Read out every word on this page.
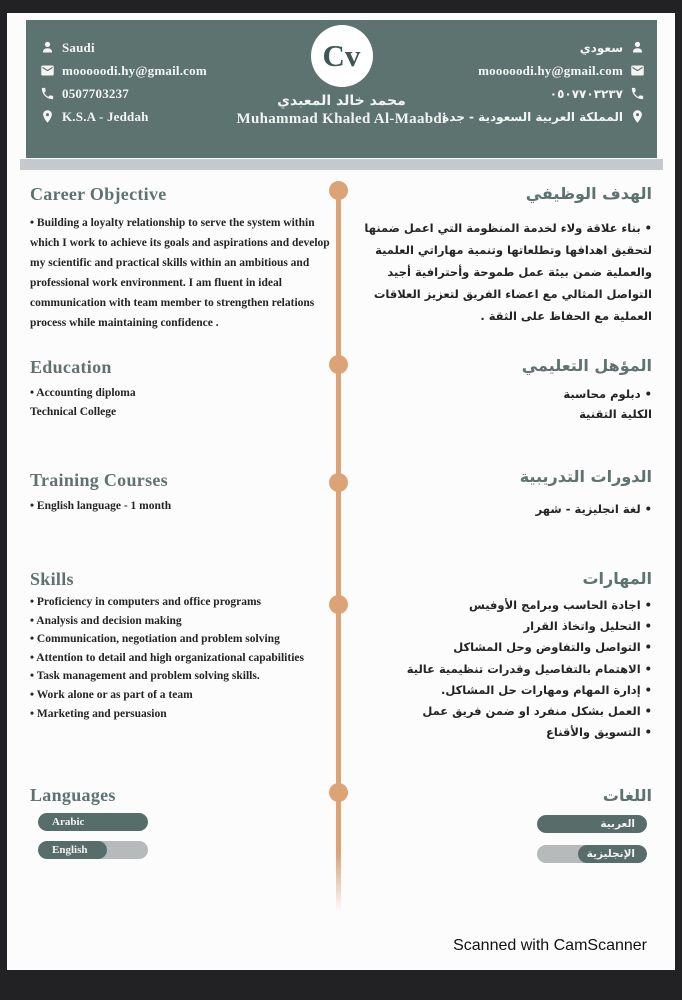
Saudi
mooooodi.hy@gmail.com
0507703237
K.S.A - Jeddah
Cv
محمد خالد المعبدي
Muhammad Khaled Al-Maabdi
سعودي
mooooodi.hy@gmail.com
٠٥٠٧٧٠٣٢٣٧
المملكة العربية السعودية - جدة
Career Objective
• Building a loyalty relationship to serve the system within which I work to achieve its goals and aspirations and develop my scientific and practical skills within an ambitious and professional work environment. I am fluent in ideal communication with team member to strengthen relations process while maintaining confidence .
Education
• Accounting diploma
Technical College
Training Courses
• English language - 1 month
Skills
• Proficiency in computers and office programs
• Analysis and decision making
• Communication, negotiation and problem solving
• Attention to detail and high organizational capabilities
• Task management and problem solving skills.
• Work alone or as part of a team
• Marketing and persuasion
Languages
Arabic
English
الهدف الوظيفي
• بناء علاقة ولاء لخدمة المنظومة التي اعمل ضمنها لتحقيق اهدافها وتطلعاتها وتنمية مهاراتي العلمية والعملية ضمن بيئة عمل طموحة وأحترافية أجيد التواصل المثالي مع اعضاء الفريق لتعزيز العلاقات العملية مع الحفاظ على الثقة .
المؤهل التعليمي
• دبلوم محاسبة
الكلية التقنية
الدورات التدريبية
• لغة انجليزية - شهر
المهارات
• اجادة الحاسب وبرامج الأوفيس
• التحليل واتخاذ القرار
• التواصل والتفاوض وحل المشاكل
• الاهتمام بالتفاصيل وقدرات تنظيمية عالية
• إدارة المهام ومهارات حل المشاكل.
• العمل بشكل منفرد او ضمن فريق عمل
• التسويق والأقناع
اللغات
العربية
الإنجليزية
Scanned with CamScanner
